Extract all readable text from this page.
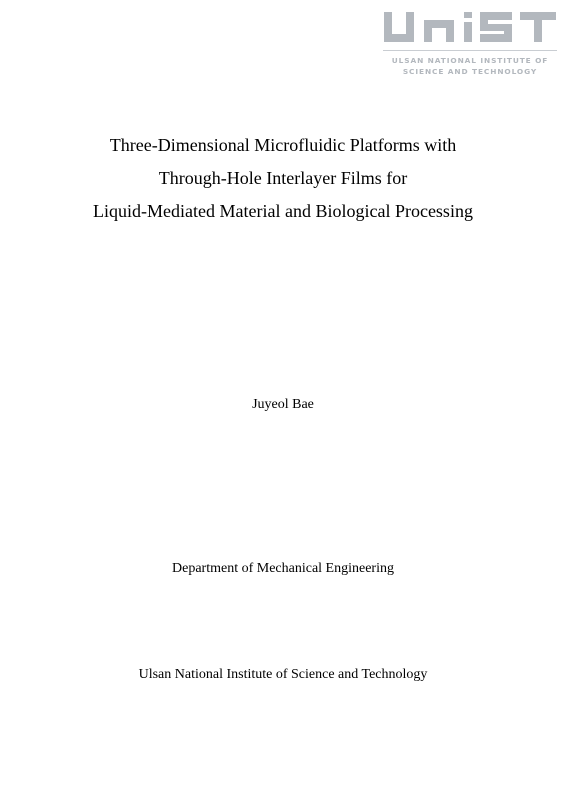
ULSAN NATIONAL INSTITUTE OF
SCIENCE AND TECHNOLOGY
Three-Dimensional Microfluidic Platforms with
Through-Hole Interlayer Films for
Liquid-Mediated Material and Biological Processing
Juyeol Bae
Department of Mechanical Engineering
Ulsan National Institute of Science and Technology
